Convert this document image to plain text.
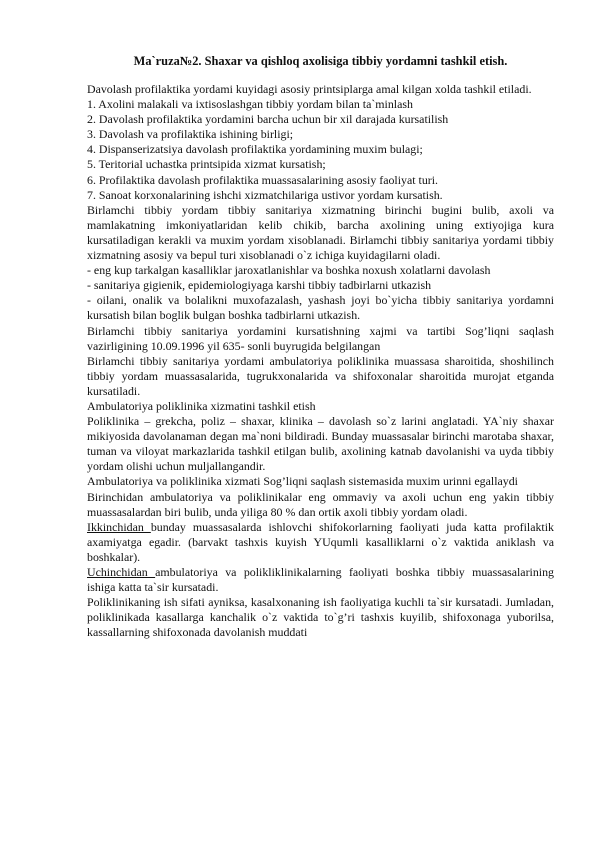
Ma`ruza№2. Shaxar va qishloq axolisiga tibbiy yordamni tashkil etish.

Davolash profilaktika yordami kuyidagi asosiy printsiplarga amal kilgan xolda tashkil etiladi.

1. Axolini malakali va ixtisoslashgan tibbiy yordam bilan ta`minlash

2. Davolash profilaktika yordamini barcha uchun bir xil darajada kursatilish

3. Davolash va profilaktika ishining birligi;

4. Dispanserizatsiya davolash profilaktika yordamining muxim bulagi;

5. Teritorial uchastka printsipida xizmat kursatish;

6. Profilaktika davolash profilaktika muassasalarining asosiy faoliyat turi.

7. Sanoat korxonalarining ishchi xizmatchilariga ustivor yordam kursatish.

Birlamchi tibbiy yordam tibbiy sanitariya xizmatning birinchi bugini bulib, axoli va mamlakatning imkoniyatlaridan kelib chikib, barcha axolining uning extiyojiga kura kursatiladigan kerakli va muxim yordam xisoblanadi. Birlamchi tibbiy sanitariya yordami tibbiy xizmatning asosiy va bepul turi xisoblanadi o`z ichiga kuyidagilarni oladi.

- eng kup tarkalgan kasalliklar jaroxatlanishlar va boshka noxush xolatlarni davolash

- sanitariya gigienik, epidemiologiyaga karshi tibbiy tadbirlarni utkazish

- oilani, onalik va bolalikni muxofazalash, yashash joyi bo`yicha tibbiy sanitariya yordamni kursatish bilan boglik bulgan boshka tadbirlarni utkazish.

Birlamchi tibbiy sanitariya yordamini kursatishning xajmi va tartibi Sog’liqni saqlash vazirligining 10.09.1996 yil 635- sonli buyrugida belgilangan

Birlamchi tibbiy sanitariya yordami ambulatoriya poliklinika muassasa sharoitida, shoshilinch tibbiy yordam muassasalarida, tugrukxonalarida va shifoxonalar sharoitida murojat etganda kursatiladi.

Ambulatoriya poliklinika xizmatini tashkil etish

Poliklinika – grekcha, poliz – shaxar, klinika – davolash so`z larini anglatadi. YA`niy shaxar mikiyosida davolanaman degan ma`noni bildiradi. Bunday muassasalar birinchi marotaba shaxar, tuman va viloyat markazlarida tashkil etilgan bulib, axolining katnab davolanishi va uyda tibbiy yordam olishi uchun muljallangandir.

Ambulatoriya va poliklinika xizmati Sog’liqni saqlash sistemasida muxim urinni egallaydi

Birinchidan ambulatoriya va poliklinikalar eng ommaviy va axoli uchun eng yakin tibbiy muassasalardan biri bulib, unda yiliga 80 % dan ortik axoli tibbiy yordam oladi.

Ikkinchidan bunday muassasalarda ishlovchi shifokorlarning faoliyati juda katta profilaktik axamiyatga egadir. (barvakt tashxis kuyish YUqumli kasalliklarni o`z vaktida aniklash va boshkalar).

Uchinchidan ambulatoriya va polikliklinikalarning faoliyati boshka tibbiy muassasalarining ishiga katta ta`sir kursatadi.

Poliklinikaning ish sifati ayniksa, kasalxonaning ish faoliyatiga kuchli ta`sir kursatadi. Jumladan, poliklinikada kasallarga kanchalik o`z vaktida to`g’ri tashxis kuyilib, shifoxonaga yuborilsa, kassallarning shifoxonada davolanish muddati
